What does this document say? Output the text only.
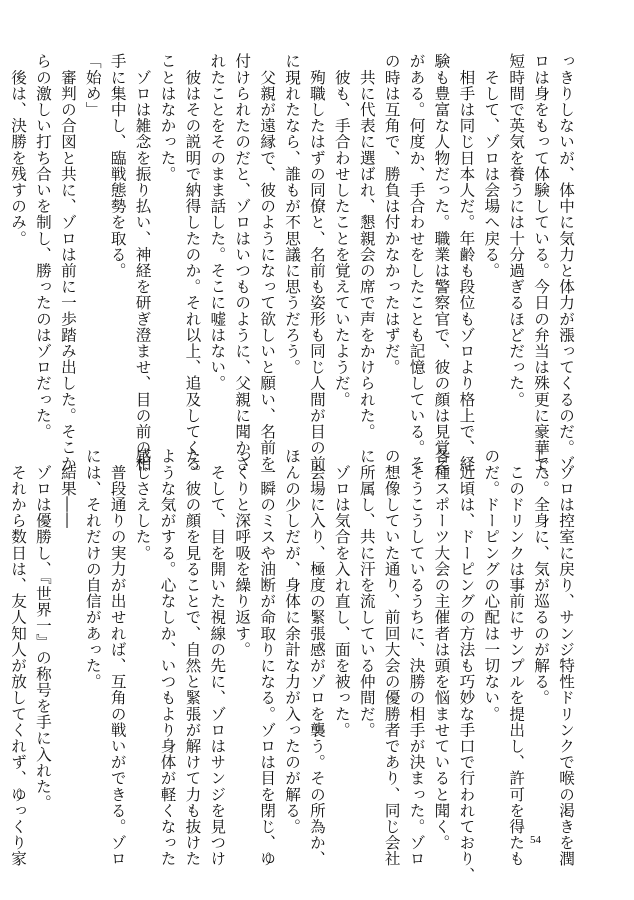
っきりしないが、体中に気力と体力が漲ってくるのだ。ゾ

ロは身をもって体験している。今日の弁当は殊更に豪華で、

短時間で英気を養うには十分過ぎるほどだった。

　そして、ゾロは会場へ戻る。

　相手は同じ日本人だ。年齢も段位もゾロより格上で、経

験も豊富な人物だった。職業は警察官で、彼の顔は見覚え

がある。何度か、手合わせをしたことも記憶している。そ

の時は互角で、勝負は付かなかったはずだ。

　共に代表に選ばれ、懇親会の席で声をかけられた。

　彼も、手合わせしたことを覚えていたようだ。

　殉職したはずの同僚と、名前も姿形も同じ人間が目の前

に現れたなら、誰もが不思議に思うだろう。

　父親が遠縁で、彼のようになって欲しいと願い、名前を

付けられたのだと、ゾロはいつものように、父親に聞かさ

れたことをそのまま話した。そこに嘘はない。

　彼はその説明で納得したのか。それ以上、追及してくる

ことはなかった。

　ゾロは雑念を振り払い、神経を研ぎ澄ませ、目の前の相

手に集中し、臨戦態勢を取る。

「始め」

　審判の合図と共に、ゾロは前に一歩踏み出した。そこか

らの激しい打ち合いを制し、勝ったのはゾロだった。

　後は、決勝を残すのみ。

　ゾロは控室に戻り、サンジ特性ドリンクで喉の渇きを潤

した。全身に、気が巡るのが解る。

　このドリンクは事前にサンプルを提出し、許可を得たも

のだ。ドーピングの心配は一切ない。

　近頃は、ドーピングの方法も巧妙な手口で行われており、

各種スポーツ大会の主催者は頭を悩ませていると聞く。

　そうこうしているうちに、決勝の相手が決まった。ゾロ

の想像していた通り、前回大会の優勝者であり、同じ会社

に所属し、共に汗を流している仲間だ。

　ゾロは気合を入れ直し、面を被った。

　会場に入り、極度の緊張感がゾロを襲う。その所為か、

ほんの少しだが、身体に余計な力が入ったのが解る。

　一瞬のミスや油断が命取りになる。ゾロは目を閉じ、ゆ

っくりと深呼吸を繰り返す。

　そして、目を開いた視線の先に、ゾロはサンジを見つけ

た。彼の顔を見ることで、自然と緊張が解けて力も抜けた

ような気がする。心なしか、いつもより身体が軽くなった

感じさえした。

　普段通りの実力が出せれば、互角の戦いができる。ゾロ

には、それだけの自信があった。

　結果――

　ゾロは優勝し、『世界一』の称号を手に入れた。

　それから数日は、友人知人が放してくれず、ゆっくり家	54
